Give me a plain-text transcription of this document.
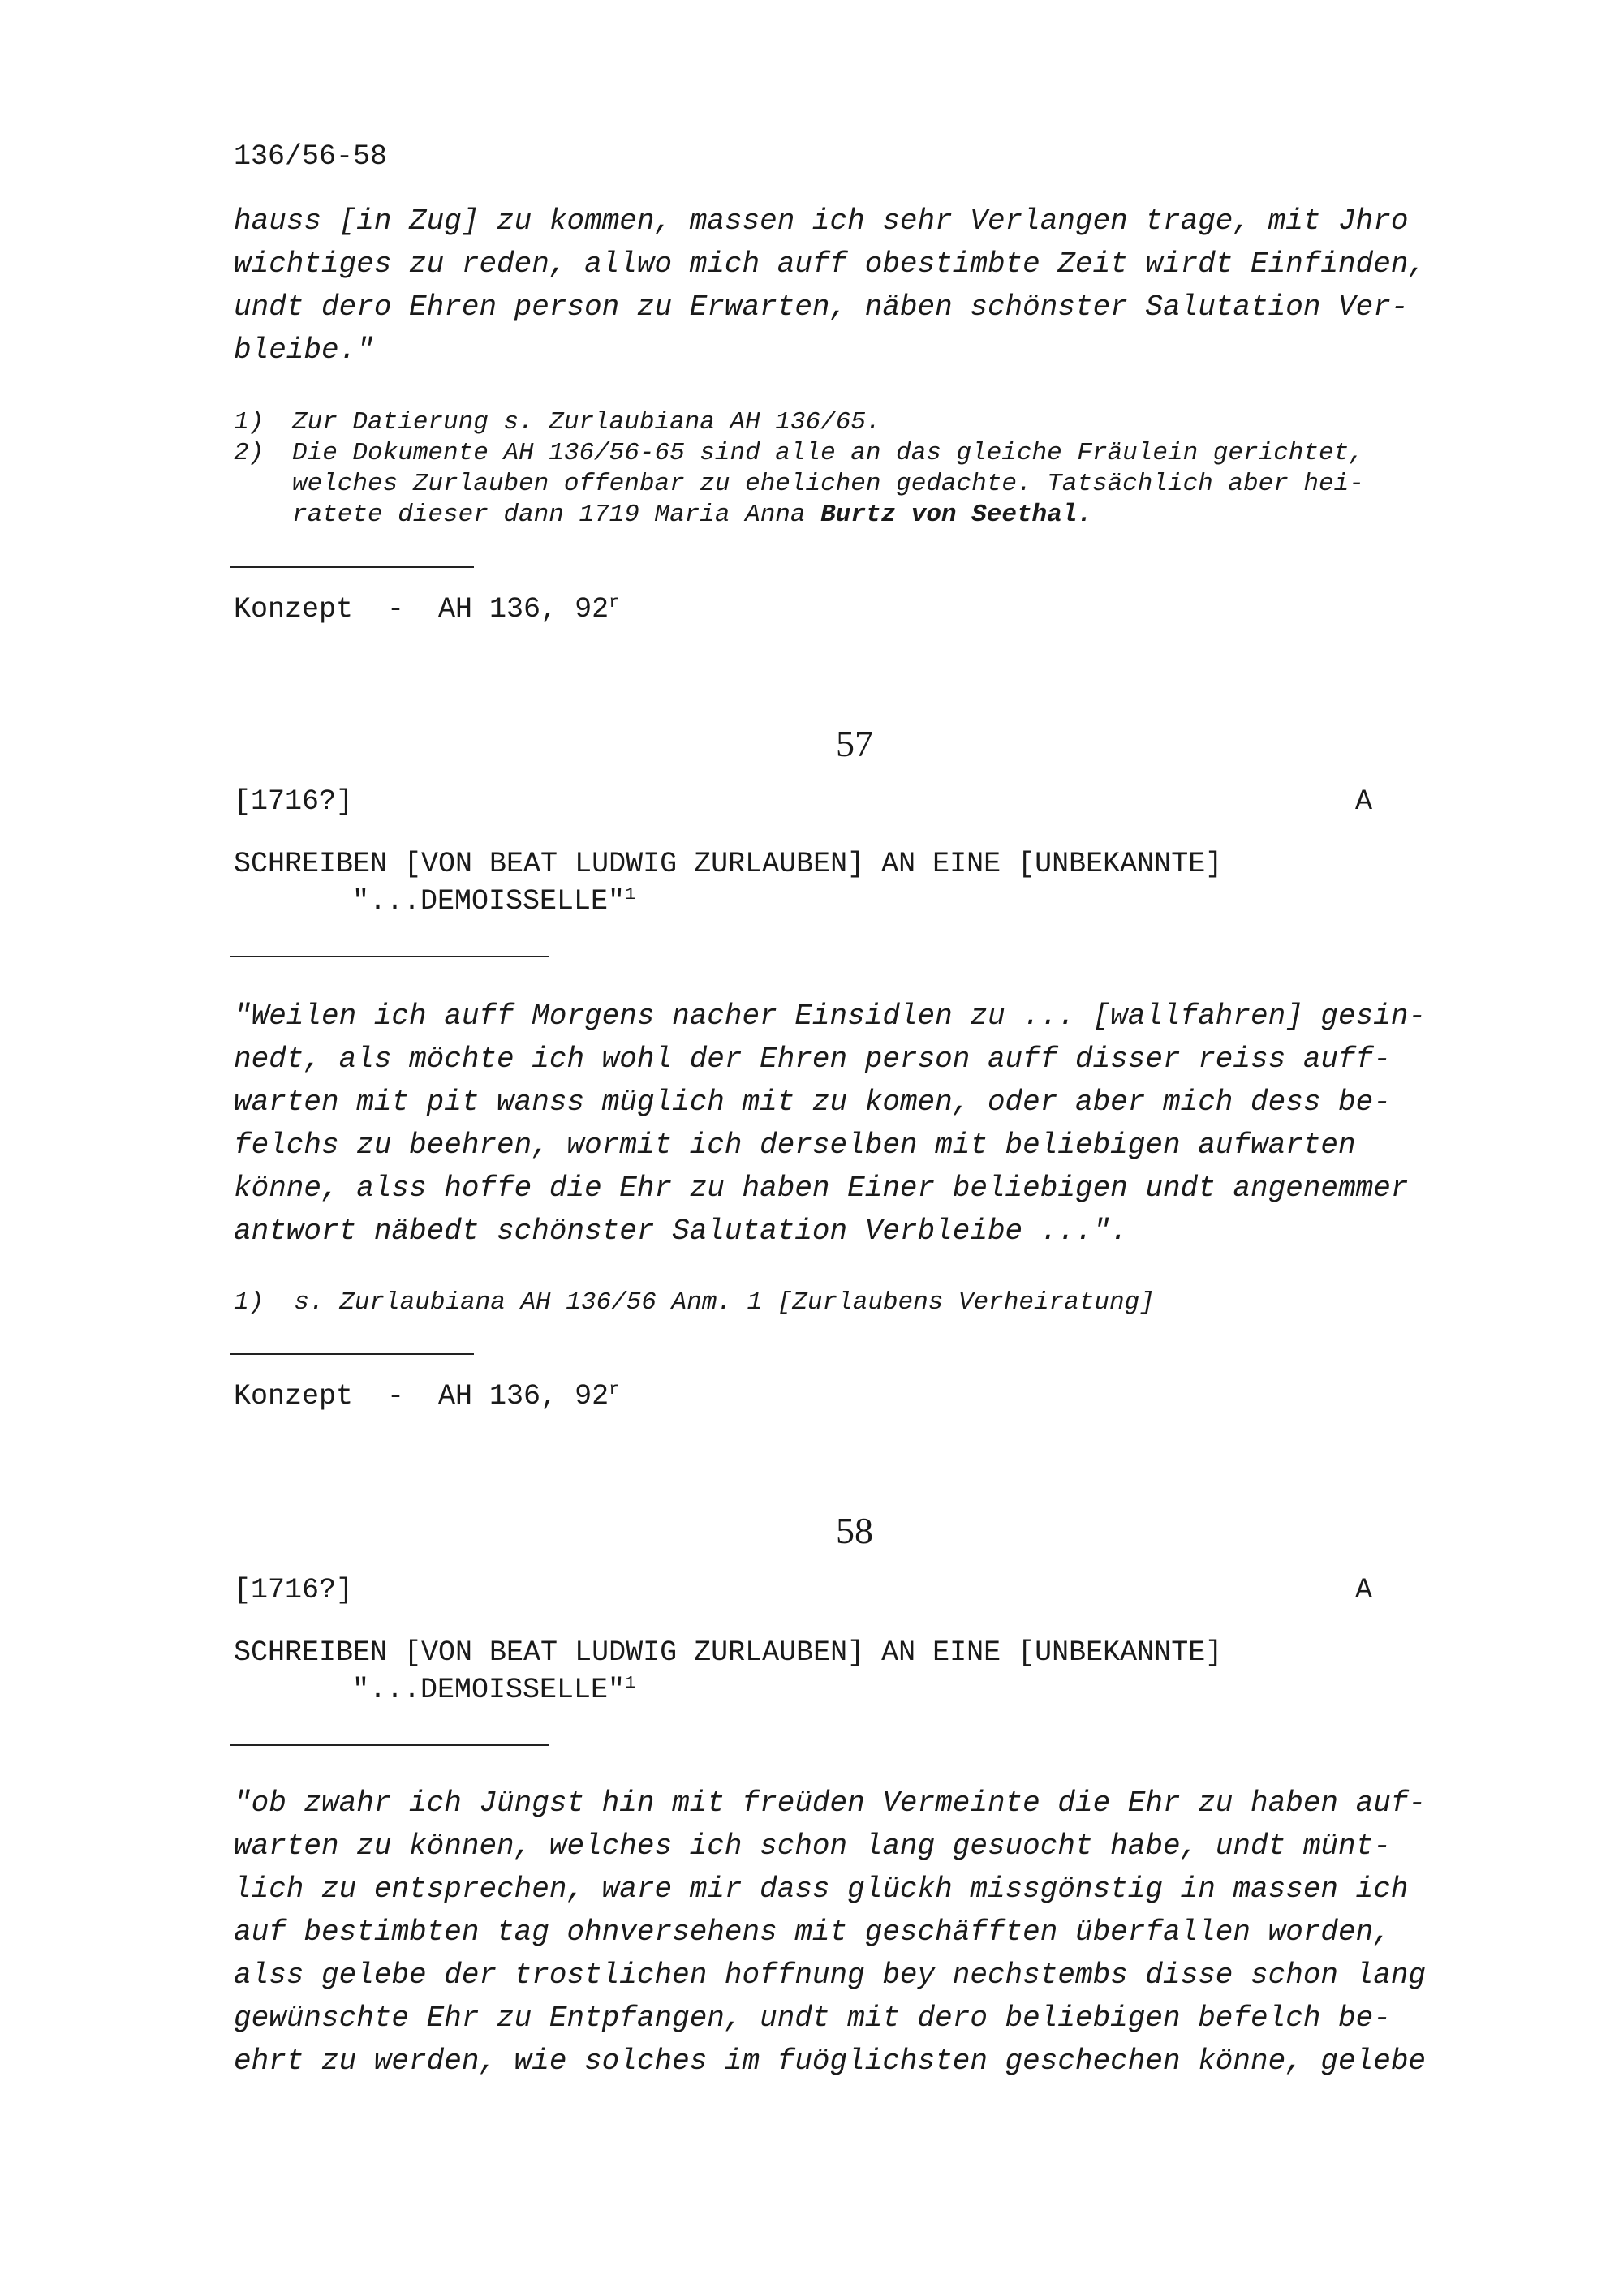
136/56-58
hauss [in Zug] zu kommen, massen ich sehr Verlangen trage, mit Jhro
wichtiges zu reden, allwo mich auff obestimbte Zeit wirdt Einfinden,
undt dero Ehren person zu Erwarten, näben schönster Salutation Ver-
bleibe."
1) Zur Datierung s. Zurlaubiana AH 136/65.
2) Die Dokumente AH 136/56-65 sind alle an das gleiche Fräulein gerichtet,
welches Zurlauben offenbar zu ehelichen gedachte. Tatsächlich aber hei-
ratete dieser dann 1719 Maria Anna Burtz von Seethal.
Konzept  -  AH 136, 92$^r$
57
[1716?]	A
SCHREIBEN [VON BEAT LUDWIG ZURLAUBEN] AN EINE [UNBEKANNTE]
"...DEMOISSELLE"$^1$
"Weilen ich auff Morgens nacher Einsidlen zu ... [wallfahren] gesin-
nedt, als möchte ich wohl der Ehren person auff disser reiss auff-
warten mit pit wanss müglich mit zu komen, oder aber mich dess be-
felchs zu beehren, wormit ich derselben mit beliebigen aufwarten
könne, alss hoffe die Ehr zu haben Einer beliebigen undt angenemmer
antwort näbedt schönster Salutation Verbleibe ...".
1)  s. Zurlaubiana AH 136/56 Anm. 1 [Zurlaubens Verheiratung]
Konzept  -  AH 136, 92$^r$
58
[1716?]	A
SCHREIBEN [VON BEAT LUDWIG ZURLAUBEN] AN EINE [UNBEKANNTE]
"...DEMOISSELLE"$^1$
"ob zwahr ich Jüngst hin mit freüden Vermeinte die Ehr zu haben auf-
warten zu können, welches ich schon lang gesuocht habe, undt münt-
lich zu entsprechen, ware mir dass glückh missgönstig in massen ich
auf bestimbten tag ohnversehens mit geschäfften überfallen worden,
alss gelebe der trostlichen hoffnung bey nechstembs disse schon lang
gewünschte Ehr zu Entpfangen, undt mit dero beliebigen befelch be-
ehrt zu werden, wie solches im fuöglichsten geschechen könne, gelebe
